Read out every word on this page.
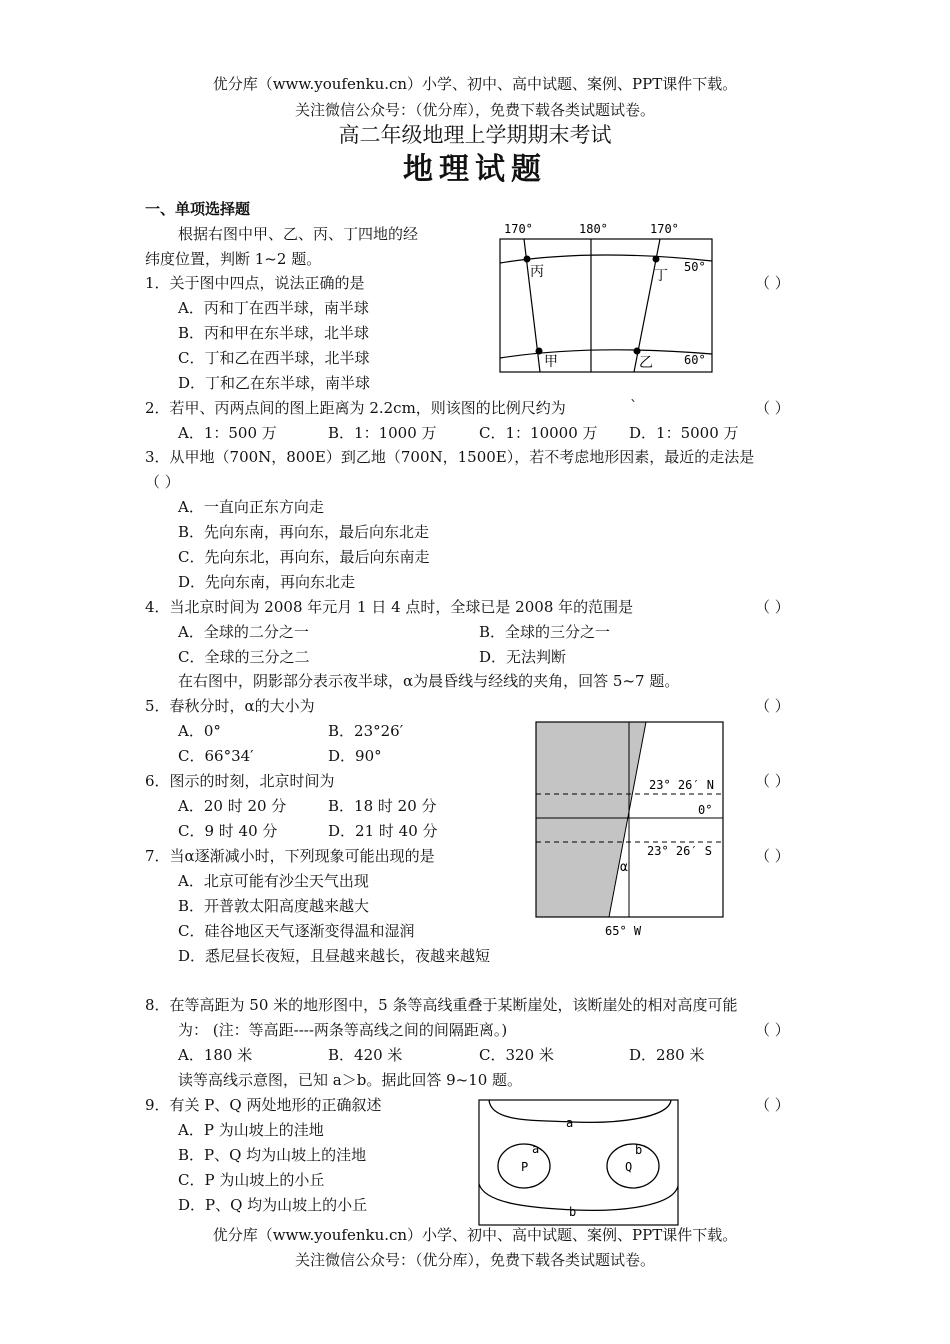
优分库（www.youfenku.cn）小学、初中、高中试题、案例、PPT课件下载。
关注微信公众号：（优分库），免费下载各类试题试卷。
高二年级地理上学期期末考试
地理试题
一、单项选择题
根据右图中甲、乙、丙、丁四地的经
纬度位置，判断 1~2 题。
170°	180°	170°
50°
60°
丙	丁
甲	乙
1．关于图中四点，说法正确的是	（ ）
A．丙和丁在西半球，南半球
B．丙和甲在东半球，北半球
C．丁和乙在西半球，北半球
D．丁和乙在东半球，南半球
2．若甲、丙两点间的图上距离为 2.2cm，则该图的比例尺约为	`	（ ）
A．1：500 万	B．1：1000 万	C．1：10000 万 D．1：5000 万
3．从甲地（700N，800E）到乙地（700N，1500E），若不考虑地形因素，最近的走法是
（ ）
A．一直向正东方向走
B．先向东南，再向东，最后向东北走
C．先向东北，再向东，最后向东南走
D．先向东南，再向东北走
4．当北京时间为 2008 年元月 1 日 4 点时，全球已是 2008 年的范围是	（ ）
A．全球的二分之一	B．全球的三分之一
C．全球的三分之二	D．无法判断
在右图中，阴影部分表示夜半球，α为晨昏线与经线的夹角，回答 5~7 题。
23° 26′ N
0°
23° 26′ S
α
65° W
5．春秋分时，α的大小为	（ ）
A．0°	B．23°26′
C．66°34′	D．90°
6．图示的时刻，北京时间为	（ ）
A．20 时 20 分	B．18 时 20 分
C．9 时 40 分	D．21 时 40 分
7．当α逐渐减小时，下列现象可能出现的是	（ ）
A．北京可能有沙尘天气出现
B．开普敦太阳高度越来越大
C．硅谷地区天气逐渐变得温和湿润
D．悉尼昼长夜短，且昼越来越长，夜越来越短
8．在等高距为 50 米的地形图中，5 条等高线重叠于某断崖处，该断崖处的相对高度可能
为： (注：等高距----两条等高线之间的间隔距离。)	（ ）
A．180 米	B．420 米	C．320 米	D．280 米
读等高线示意图，已知 a＞b。据此回答 9~10 题。
a
a
P
b
Q
b
9．有关 P、Q 两处地形的正确叙述	（ ）
A．P 为山坡上的洼地
B．P、Q 均为山坡上的洼地
C．P 为山坡上的小丘
D．P、Q 均为山坡上的小丘
优分库（www.youfenku.cn）小学、初中、高中试题、案例、PPT课件下载。
关注微信公众号：（优分库），免费下载各类试题试卷。
